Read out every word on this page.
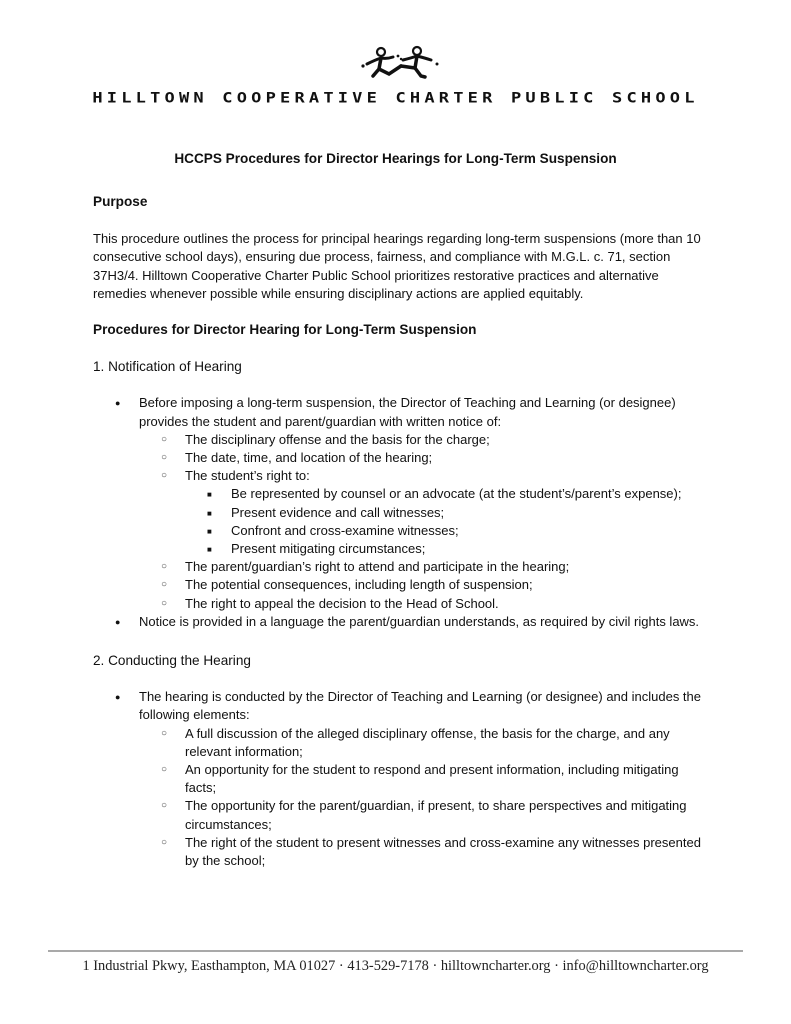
HILLTOWN COOPERATIVE CHARTER PUBLIC SCHOOL
HCCPS Procedures for Director Hearings for Long-Term Suspension
Purpose

This procedure outlines the process for principal hearings regarding long-term suspensions (more than 10 consecutive school days), ensuring due process, fairness, and compliance with M.G.L. c. 71, section 37H3/4. Hilltown Cooperative Charter Public School prioritizes restorative practices and alternative remedies whenever possible while ensuring disciplinary actions are applied equitably.

Procedures for Director Hearing for Long-Term Suspension
1. Notification of Hearing
● Before imposing a long-term suspension, the Director of Teaching and Learning (or designee) provides the student and parent/guardian with written notice of:
○ The disciplinary offense and the basis for the charge;
○ The date, time, and location of the hearing;
○ The student’s right to:
■ Be represented by counsel or an advocate (at the student’s/parent’s expense);
■ Present evidence and call witnesses;
■ Confront and cross-examine witnesses;
■ Present mitigating circumstances;
○ The parent/guardian’s right to attend and participate in the hearing;
○ The potential consequences, including length of suspension;
○ The right to appeal the decision to the Head of School.
● Notice is provided in a language the parent/guardian understands, as required by civil rights laws.
2. Conducting the Hearing
● The hearing is conducted by the Director of Teaching and Learning (or designee) and includes the following elements:
○ A full discussion of the alleged disciplinary offense, the basis for the charge, and any relevant information;
○ An opportunity for the student to respond and present information, including mitigating facts;
○ The opportunity for the parent/guardian, if present, to share perspectives and mitigating circumstances;
○ The right of the student to present witnesses and cross-examine any witnesses presented by the school;
1 Industrial Pkwy, Easthampton, MA 01027 · 413-529-7178 · hilltowncharter.org · info@hilltowncharter.org
